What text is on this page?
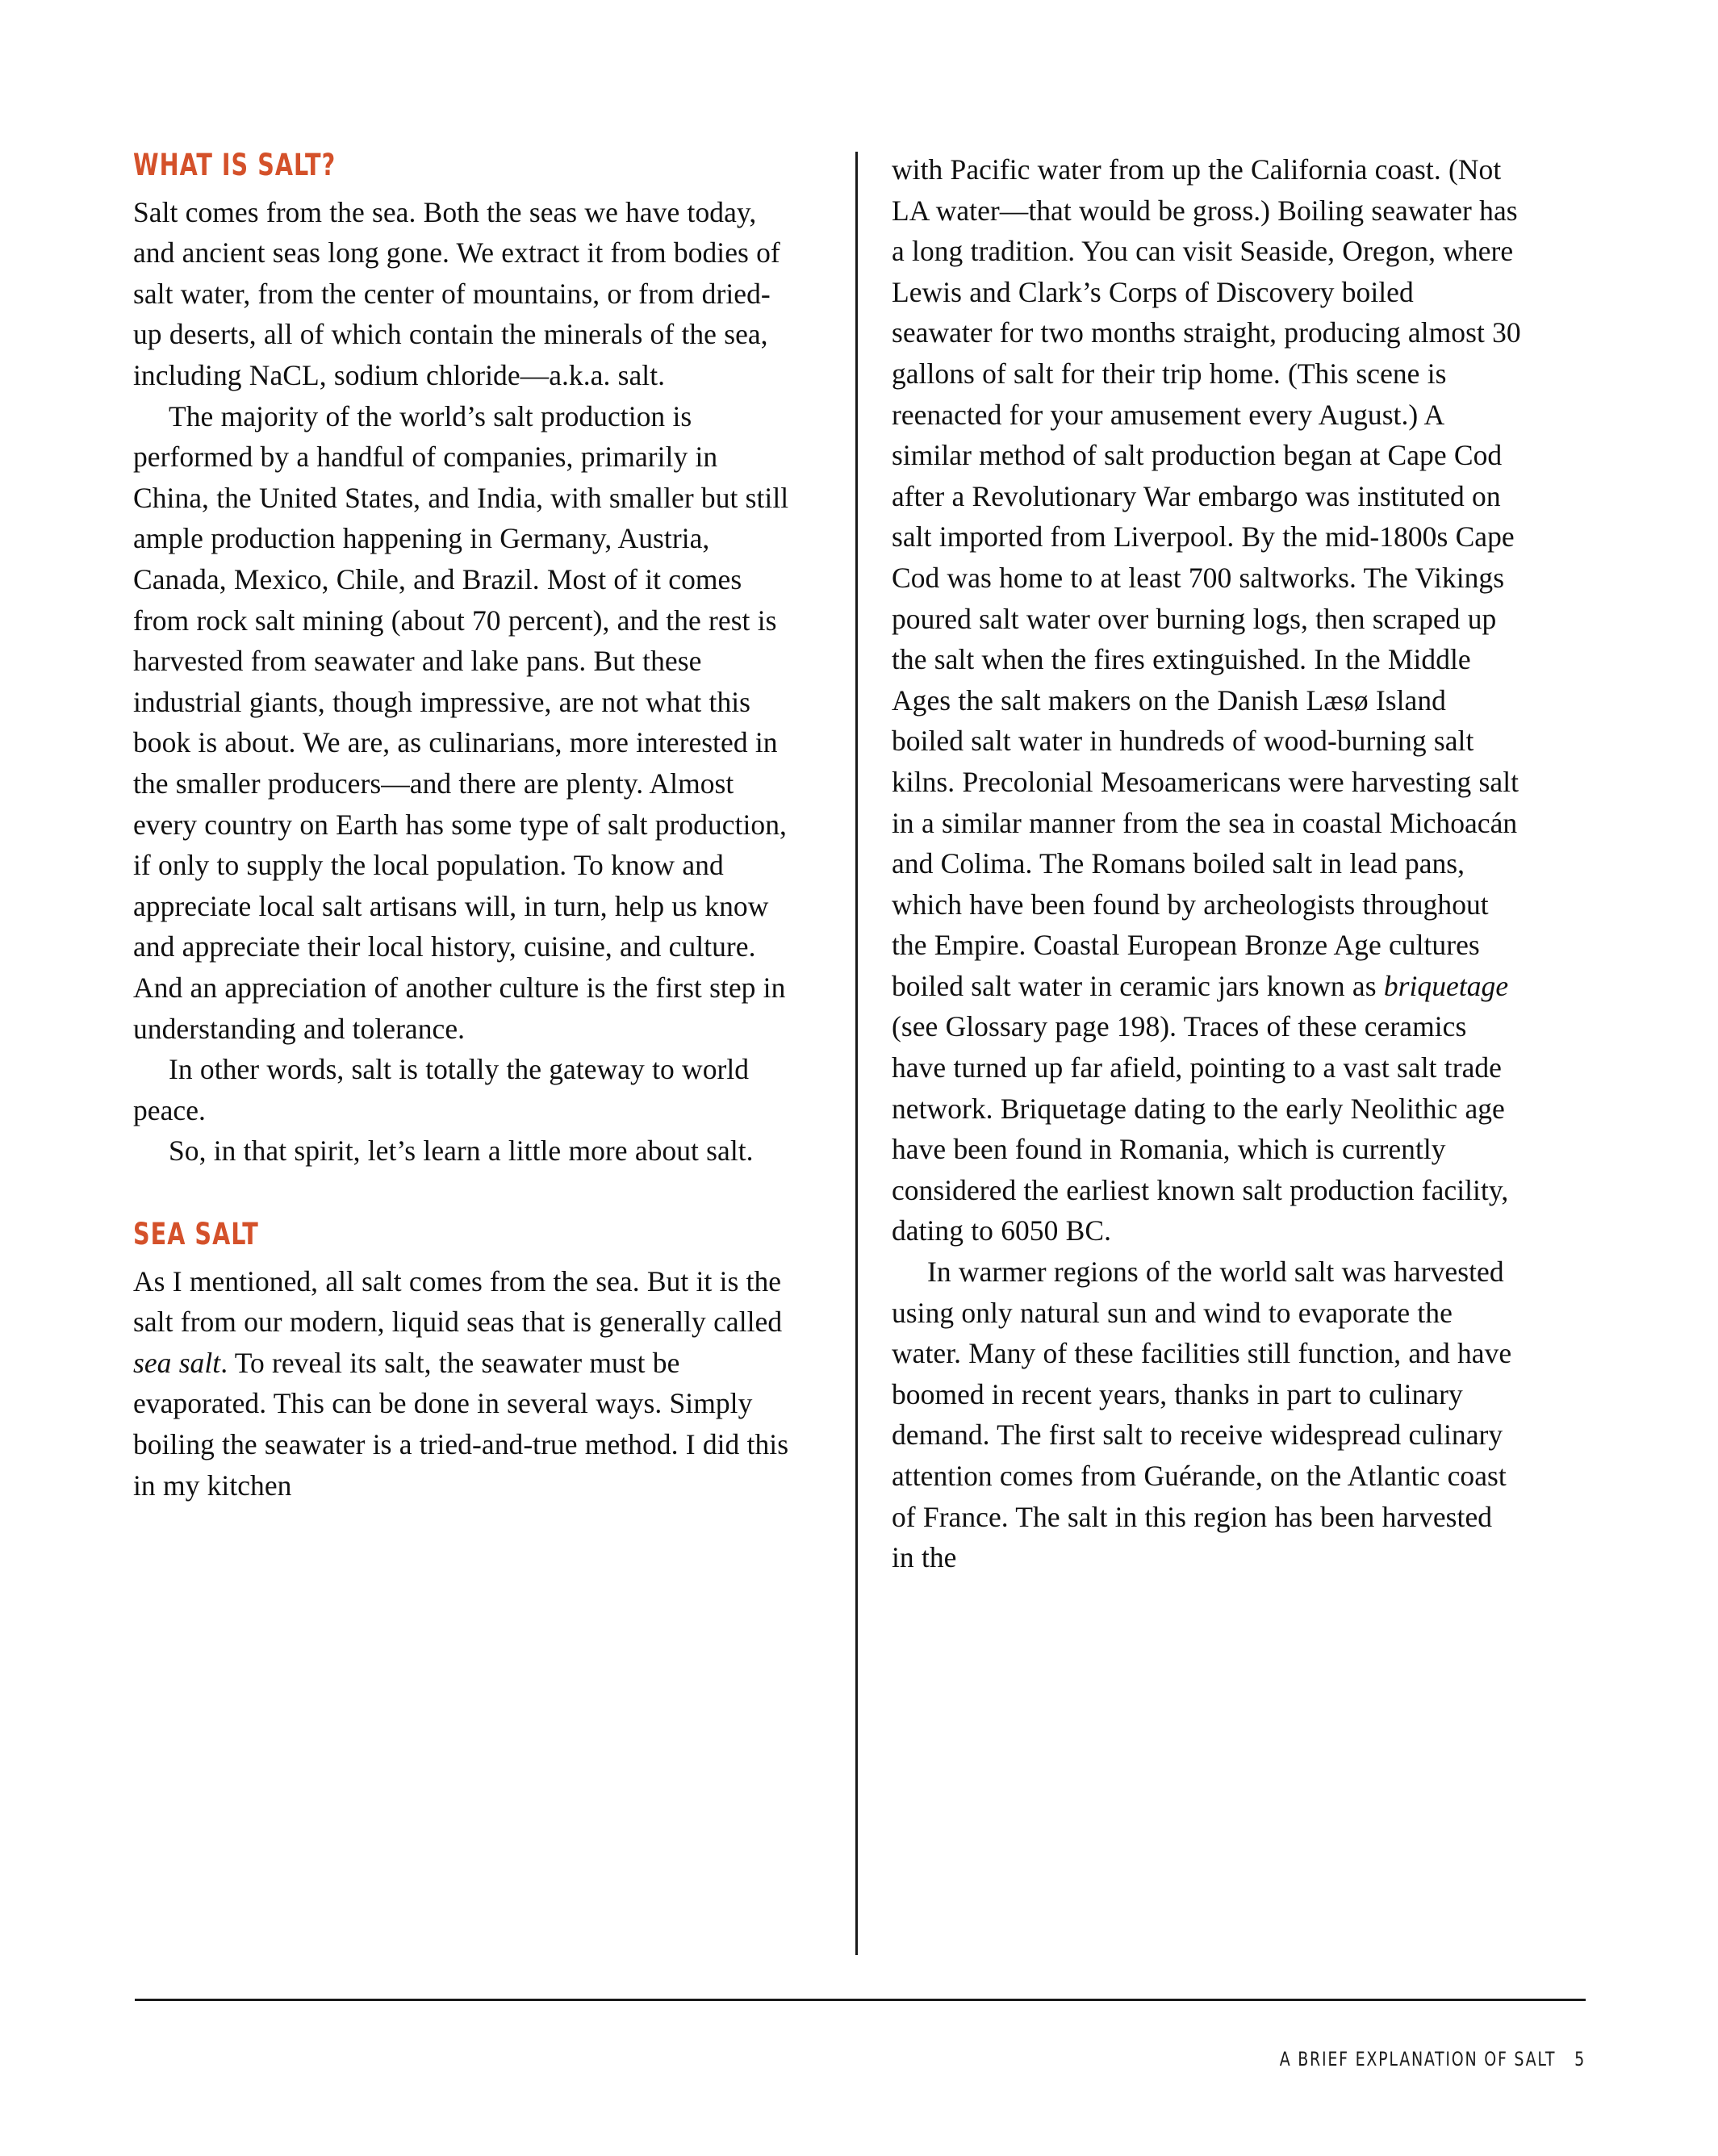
WHAT IS SALT?

Salt comes from the sea. Both the seas we have today, and ancient seas long gone. We extract it from bodies of salt water, from the center of mountains, or from dried-up deserts, all of which contain the minerals of the sea, including NaCL, sodium chloride—a.k.a. salt.

The majority of the world’s salt production is performed by a handful of companies, primarily in China, the United States, and India, with smaller but still ample production happening in Germany, Austria, Canada, Mexico, Chile, and Brazil. Most of it comes from rock salt mining (about 70 percent), and the rest is harvested from seawater and lake pans. But these industrial giants, though impressive, are not what this book is about. We are, as culinarians, more interested in the smaller producers—and there are plenty. Almost every country on Earth has some type of salt production, if only to supply the local population. To know and appreciate local salt artisans will, in turn, help us know and appreciate their local history, cuisine, and culture. And an appreciation of another culture is the first step in understanding and tolerance.

In other words, salt is totally the gateway to world peace.

So, in that spirit, let’s learn a little more about salt.

SEA SALT

As I mentioned, all salt comes from the sea. But it is the salt from our modern, liquid seas that is generally called sea salt. To reveal its salt, the seawater must be evaporated. This can be done in several ways. Simply boiling the seawater is a tried-and-true method. I did this in my kitchen

with Pacific water from up the California coast. (Not LA water—that would be gross.) Boiling seawater has a long tradition. You can visit Seaside, Oregon, where Lewis and Clark’s Corps of Discovery boiled seawater for two months straight, producing almost 30 gallons of salt for their trip home. (This scene is reenacted for your amusement every August.) A similar method of salt production began at Cape Cod after a Revolutionary War embargo was instituted on salt imported from Liverpool. By the mid-1800s Cape Cod was home to at least 700 saltworks. The Vikings poured salt water over burning logs, then scraped up the salt when the fires extinguished. In the Middle Ages the salt makers on the Danish Læsø Island boiled salt water in hundreds of wood-burning salt kilns. Precolonial Mesoamericans were harvesting salt in a similar manner from the sea in coastal Michoacán and Colima. The Romans boiled salt in lead pans, which have been found by archeologists throughout the Empire. Coastal European Bronze Age cultures boiled salt water in ceramic jars known as briquetage (see Glossary page 198). Traces of these ceramics have turned up far afield, pointing to a vast salt trade network. Briquetage dating to the early Neolithic age have been found in Romania, which is currently considered the earliest known salt production facility, dating to 6050 BC.

In warmer regions of the world salt was harvested using only natural sun and wind to evaporate the water. Many of these facilities still function, and have boomed in recent years, thanks in part to culinary demand. The first salt to receive widespread culinary attention comes from Guérande, on the Atlantic coast of France. The salt in this region has been harvested in the

A BRIEF EXPLANATION OF SALT 5
